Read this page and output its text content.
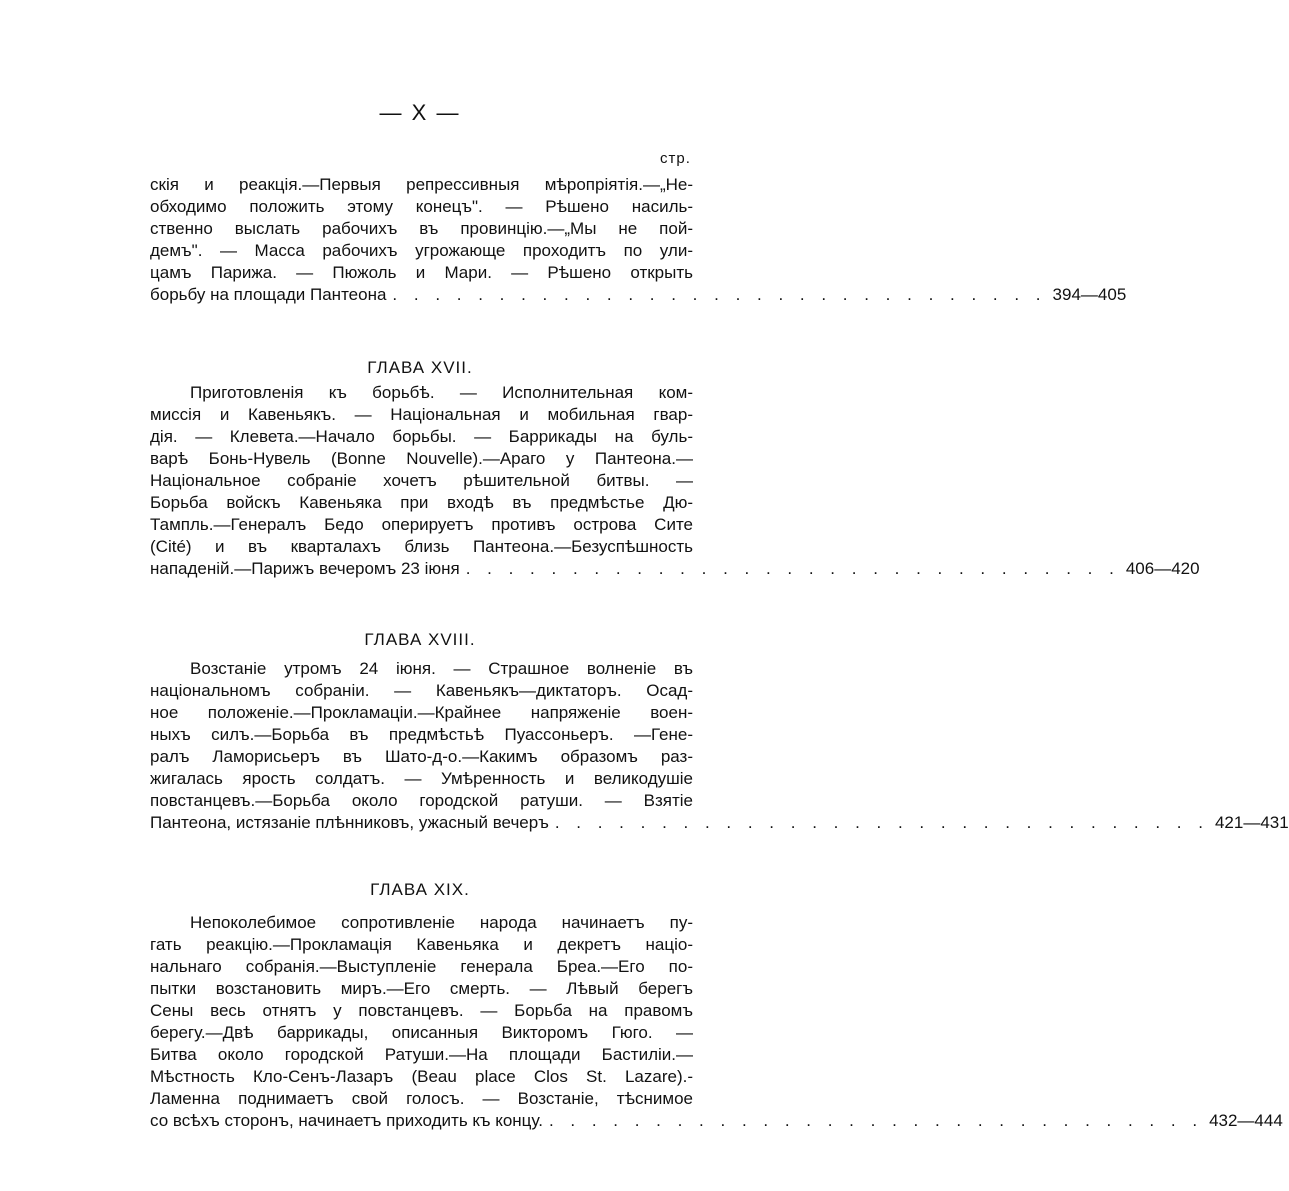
— X —
стр.
скія и реакція.—Первыя репрессивныя мѣропріятія.—„Не-
обходимо положить этому конецъ". — Рѣшено насиль-
ственно выслать рабочихъ въ провинцію.—„Мы не пой-
демъ". — Масса рабочихъ угрожающе проходитъ по ули-
цамъ Парижа. — Пюжоль и Мари. — Рѣшено открыть
борьбу на площади Пантеона . . . . . . . . . . . . . . . . . . . . . . . . . . . . . . . 394—405
ГЛАВА XVII.
Приготовленія къ борьбѣ. — Исполнительная ком-
миссія и Кавеньякъ. — Національная и мобильная гвар-
дія. — Клевета.—Начало борьбы. — Баррикады на буль-
варѣ Бонь-Нувель (Bonne Nouvelle).—Араго у Пантеона.—
Національное собраніе хочетъ рѣшительной битвы. —
Борьба войскъ Кавеньяка при входѣ въ предмѣстье Дю-
Тампль.—Генералъ Бедо оперируетъ противъ острова Сите
(Cité) и въ кварталахъ близь Пантеона.—Безуспѣшность
нападеній.—Парижъ вечеромъ 23 іюня . . . . . . . . . . . . . . . . . . . . . . . . . . . . . . . 406—420
ГЛАВА XVIII.
Возстаніе утромъ 24 іюня. — Страшное волненіе въ
національномъ собраніи. — Кавеньякъ—диктаторъ. Осад-
ное положеніе.—Прокламаціи.—Крайнее напряженіе воен-
ныхъ силъ.—Борьба въ предмѣстьѣ Пуассоньеръ. —Гене-
ралъ Ламорисьеръ въ Шато-д-о.—Какимъ образомъ раз-
жигалась ярость солдатъ. — Умѣренность и великодушіе
повстанцевъ.—Борьба около городской ратуши. — Взятіе
Пантеона, истязаніе плѣнниковъ, ужасный вечеръ . . . . . . . . . . . . . . . . . . . . . . . . . . . . . . . 421—431
ГЛАВА XIX.
Непоколебимое сопротивленіе народа начинаетъ пу-
гать реакцію.—Прокламація Кавеньяка и декретъ націо-
нальнаго собранія.—Выступленіе генерала Бреа.—Его по-
пытки возстановить миръ.—Его смерть. — Лѣвый берегъ
Сены весь отнятъ у повстанцевъ. — Борьба на правомъ
берегу.—Двѣ баррикады, описанныя Викторомъ Гюго. —
Битва около городской Ратуши.—На площади Бастиліи.—
Мѣстность Кло-Сенъ-Лазаръ (Beau place Clos St. Lazare).-
Ламенна поднимаетъ свой голосъ. — Возстаніе, тѣснимое
со всѣхъ сторонъ, начинаетъ приходить къ концу. . . . . . . . . . . . . . . . . . . . . . . . . . . . . . . . 432—444
